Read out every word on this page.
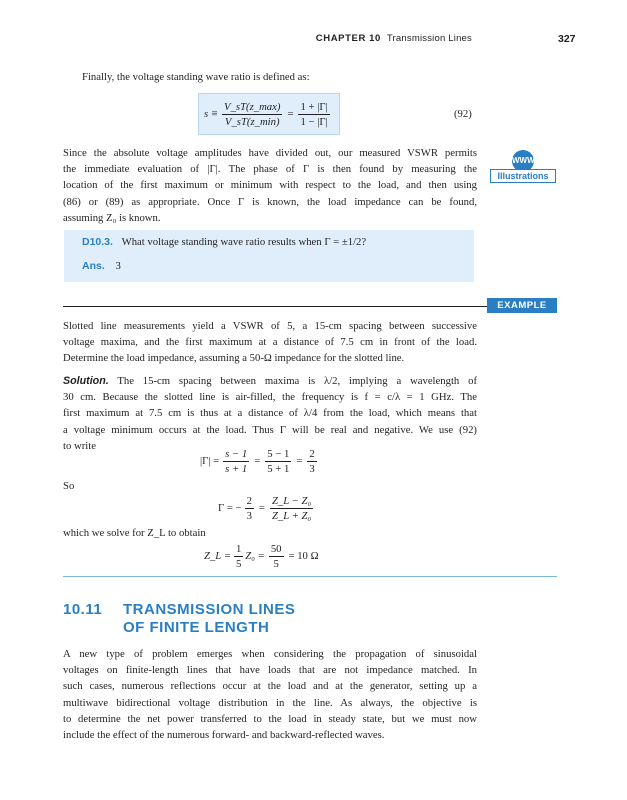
CHAPTER 10 Transmission Lines	327
Finally, the voltage standing wave ratio is defined as:
$s \equiv \frac{V\_sT(z\_\max)}{V\_sT(z\_\min)} = \frac{1 + |\Gamma|}{1 - |\Gamma|}$	(92)
Since the absolute voltage amplitudes have divided out, our measured VSWR permits
the immediate evaluation of |Γ|. The phase of Γ is then found by measuring the
location of the first maximum or minimum with respect to the load, and then using
(86) or (89) as appropriate. Once Γ is known, the load impedance can be found,
assuming Z₀ is known.
WWW
Illustrations
D10.3. What voltage standing wave ratio results when Γ = ±1/2?
Ans. 3
EXAMPLE 10.7
Slotted line measurements yield a VSWR of 5, a 15-cm spacing between successive
voltage maxima, and the first maximum at a distance of 7.5 cm in front of the load.
Determine the load impedance, assuming a 50-Ω impedance for the slotted line.
Solution. The 15-cm spacing between maxima is λ/2, implying a wavelength of
30 cm. Because the slotted line is air-filled, the frequency is f = c/λ = 1 GHz. The
first maximum at 7.5 cm is thus at a distance of λ/4 from the load, which means that
a voltage minimum occurs at the load. Thus Γ will be real and negative. We use (92)
to write
$|\Gamma| = \frac{s - 1}{s + 1} = \frac{5 - 1}{5 + 1} = \frac{2}{3}$
So
Γ = − $\frac{2}{3} = \frac{\text{Z\_L − Z₀}}{\text{Z\_L + Z₀}}$
which we solve for Z_L to obtain
Z_L = $\frac{1}{5} Z_0 = \frac{50}{5} = 10$ Ω
10.11 TRANSMISSION LINES
OF FINITE LENGTH
A new type of problem emerges when considering the propagation of sinusoidal
voltages on finite-length lines that have loads that are not impedance matched. In
such cases, numerous reflections occur at the load and at the generator, setting up a
multiwave bidirectional voltage distribution in the line. As always, the objective is
to determine the net power transferred to the load in steady state, but we must now
include the effect of the numerous forward- and backward-reflected waves.
